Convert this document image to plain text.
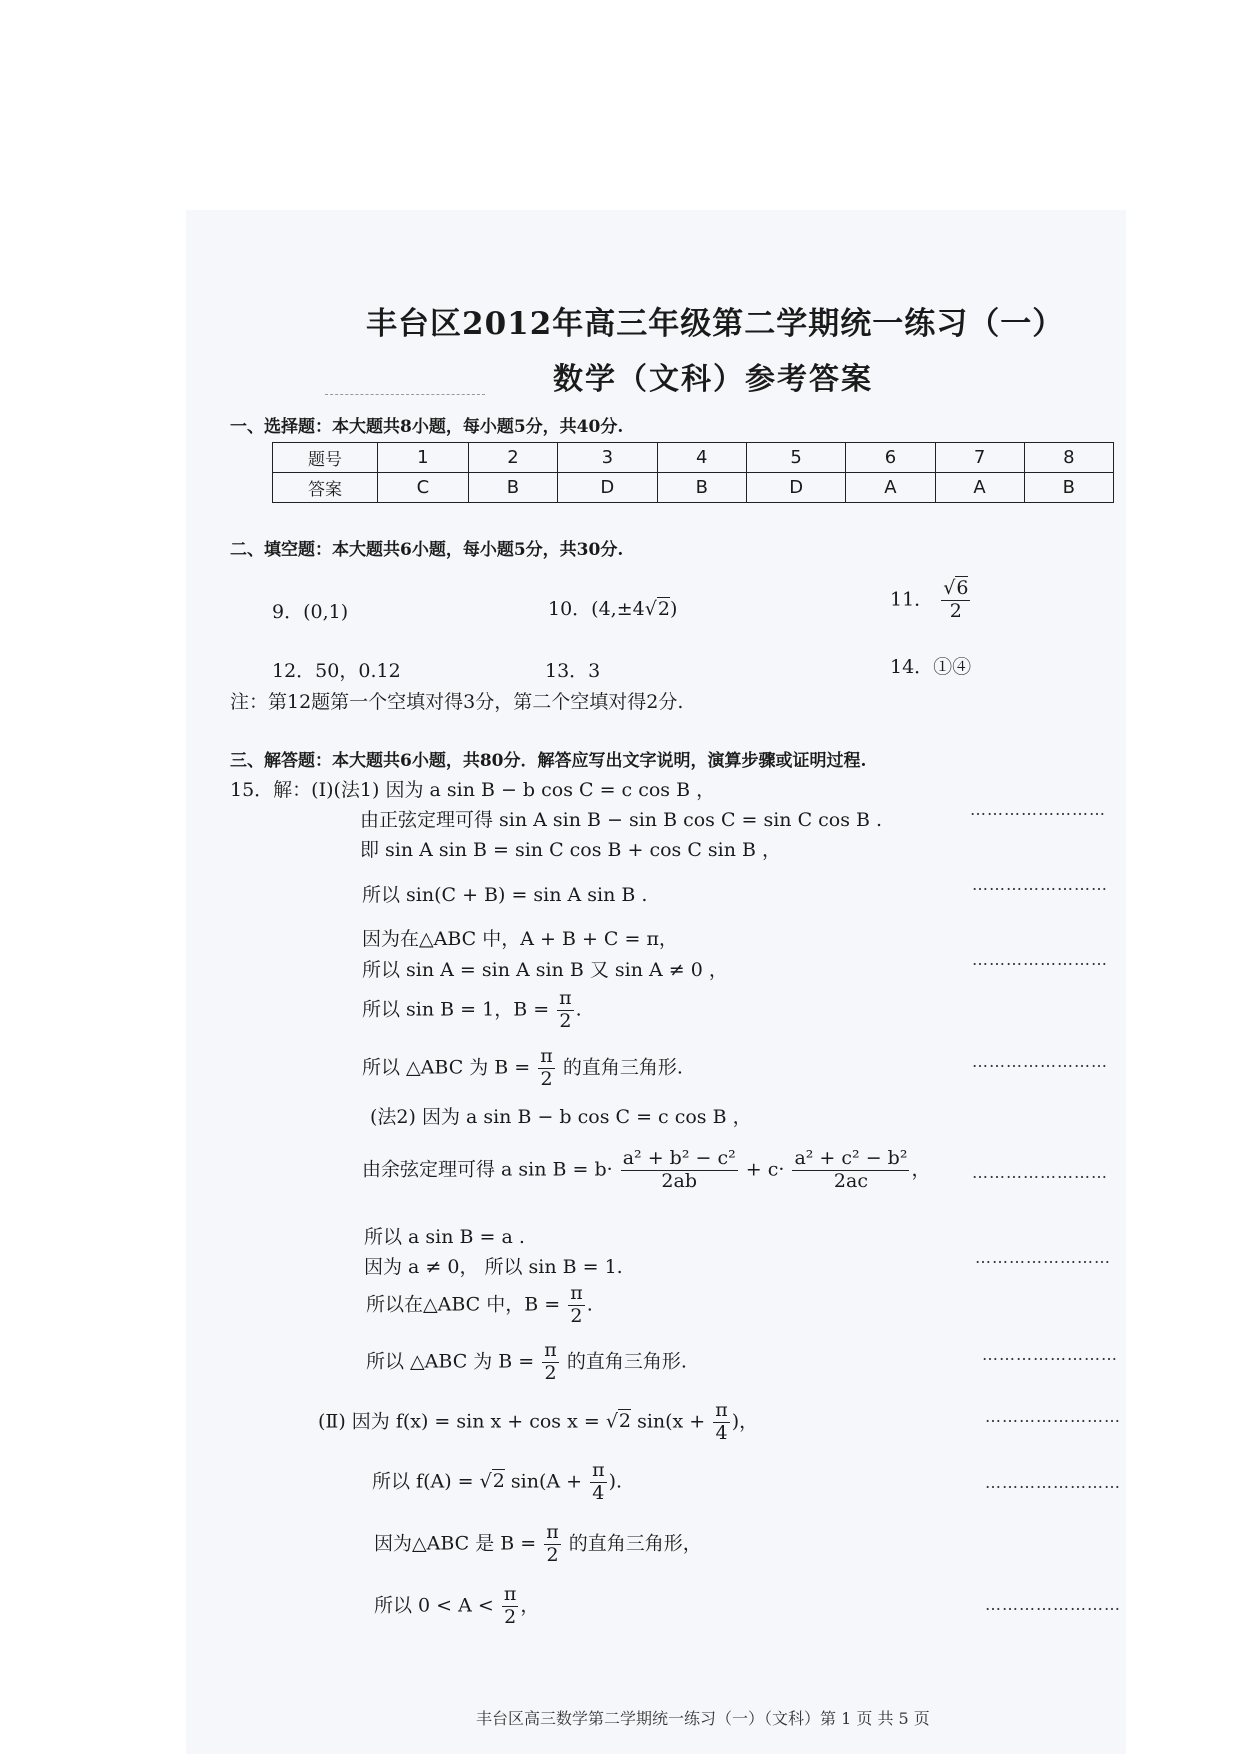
丰台区2012年高三年级第二学期统一练习（一）
数学（文科）参考答案
一、选择题：本大题共8小题，每小题5分，共40分.
题号	1	2	3	4	5	6	7	8
答案	C	B	D	B	D	A	A	B
二、填空题：本大题共6小题，每小题5分，共30分.
9．(0,1)	10．(4,±4√2)	11． $\frac{√6}{2}$
12．50，0.12	13．3	14．①④
注：第12题第一个空填对得3分，第二个空填对得2分.
三、解答题：本大题共6小题，共80分．解答应写出文字说明，演算步骤或证明过程.
15．解：(Ⅰ)(法1) 因为 a sin B − b cos C = c cos B ，
由正弦定理可得 sin A sin B − sin B cos C = sin C cos B .	……………………
即 sin A sin B = sin C cos B + cos C sin B ，
所以 sin(C + B) = sin A sin B .	……………………
因为在△ABC 中，A + B + C = π，
所以 sin A = sin A sin B 又 sin A ≠ 0 ，	……………………
所以 sin B = 1，$B = \frac{\pi}{2}$ .
所以 △ABC 为 $B = \frac{\pi}{2}$ 的直角三角形.	……………………
(法2) 因为 a sin B − b cos C = c cos B ，
由余弦定理可得 a $\sin B = b\cdot \frac{\text{a² + b² − c²}}{2ab} + c\cdot \frac{\text{a² + c² − b²}}{2ac}$ ，	……………………
所以 a sin B = a .
因为 a ≠ 0， 所以 sin B = 1.	……………………
所以在△ABC 中，$B = \frac{\pi}{2}$ .
所以 △ABC 为 $B = \frac{\pi}{2}$ 的直角三角形.	……………………
(Ⅱ) 因为 f(x) = sin x + cos x = √2 $\sin(x + \frac{\pi}{4}$ )，	……………………
所以 f(A) = √2 $\sin(A + \frac{\pi}{4}$ ).	……………………
因为△ABC 是 $B = \frac{\pi}{2}$ 的直角三角形，
所以 $0 < A < \frac{\pi}{2}$ ，	……………………
丰台区高三数学第二学期统一练习（一）（文科）第 1 页 共 5 页
